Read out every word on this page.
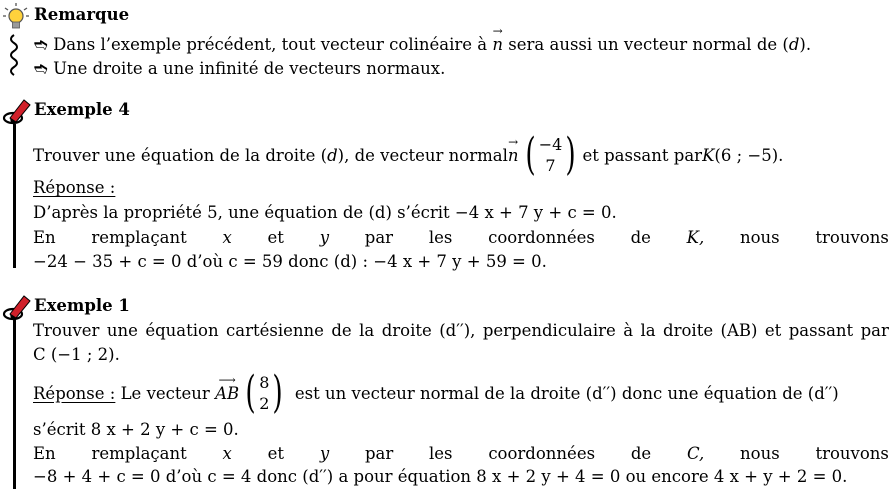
Remarque
➬ Dans l’exemple précédent, tout vecteur colinéaire à
→
n sera aussi un vecteur normal de (d).
➬ Une droite a une infinité de vecteurs normaux.
Exemple 4
Trouver une équation de la droite ( d ), de vecteur normal
→
n ( −4
7 ) et passant par K (6 ; −5).
Réponse :
D’après la propriété 5, une équation de (d) s’écrit −4 x + 7 y + c = 0.
En remplaçant x et y par les coordonnées de K, nous trouvons
−24 − 35 + c = 0 d’où c = 59 donc (d) : −4 x + 7 y + 59 = 0.
Exemple 1
Trouver une équation cartésienne de la droite (d′′), perpendiculaire à la droite (AB) et passant par
C (−1 ; 2).
Réponse : Le vecteur
⟶
AB ( 8
2 ) est un vecteur normal de la droite (d′′) donc une équation de (d′′)
s’écrit 8 x + 2 y + c = 0.
En remplaçant x et y par les coordonnées de C, nous trouvons
−8 + 4 + c = 0 d’où c = 4 donc (d′′) a pour équation 8 x + 2 y + 4 = 0 ou encore 4 x + y + 2 = 0.
